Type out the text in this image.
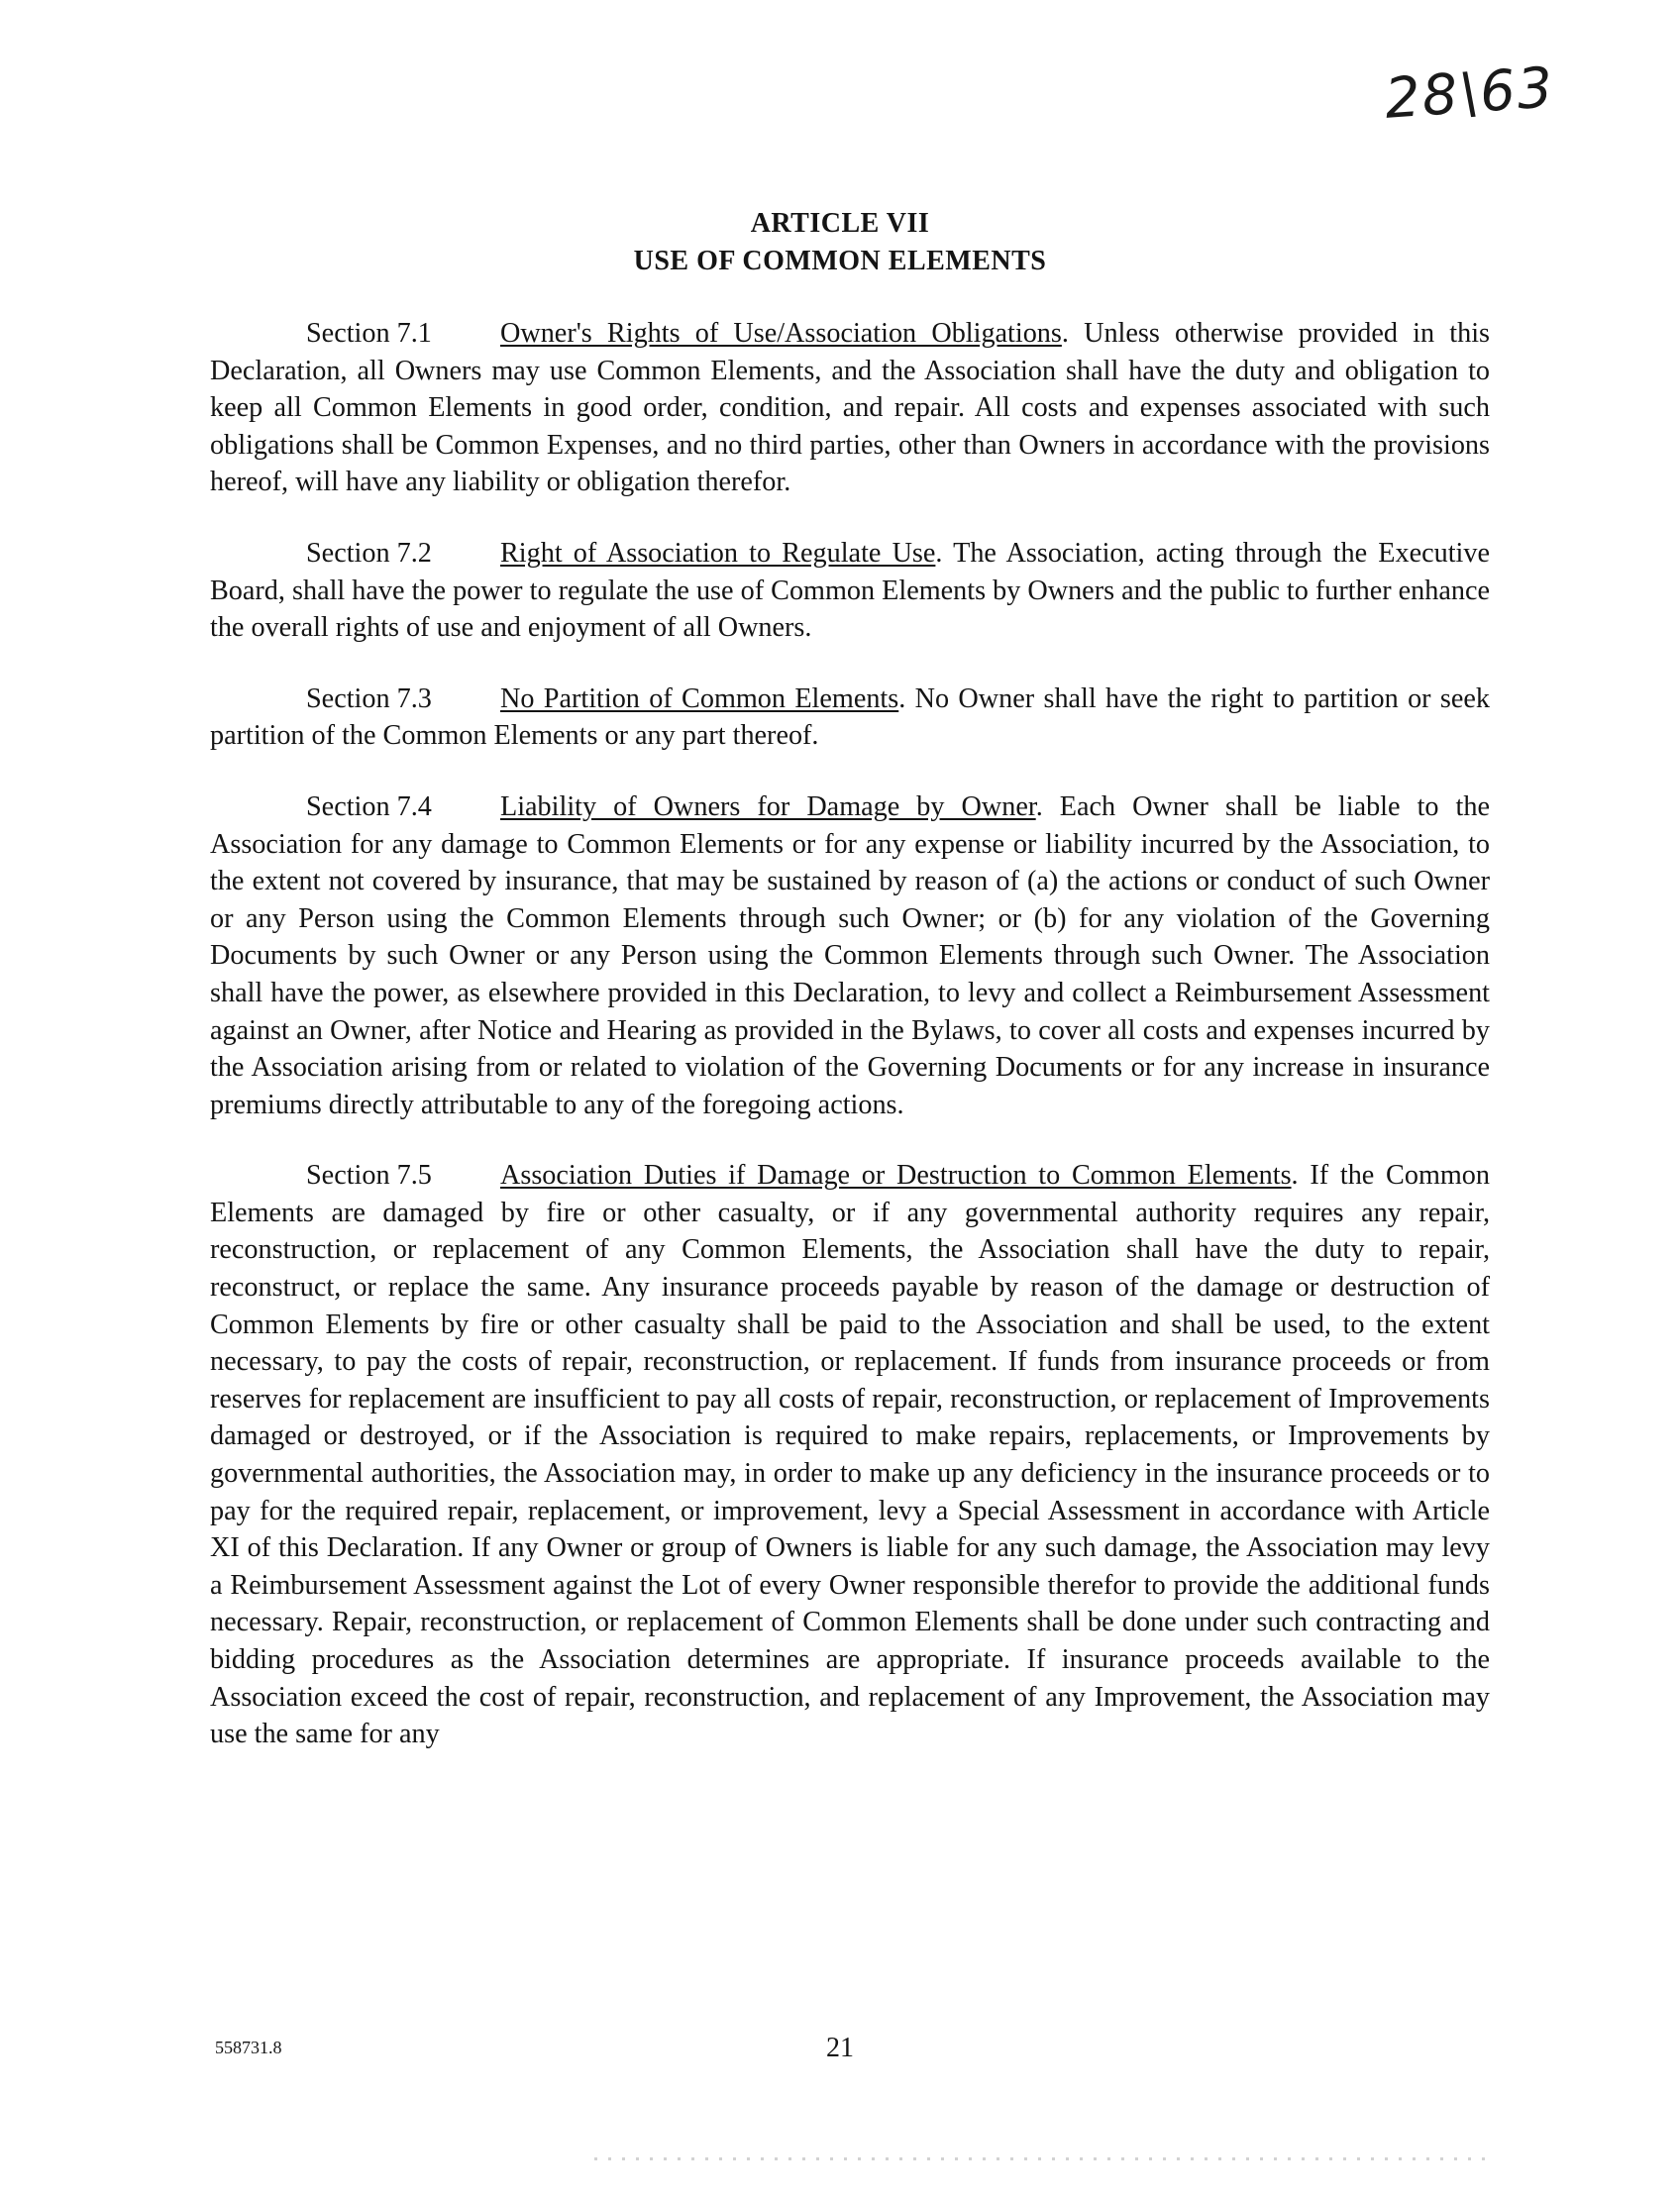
28\63
ARTICLE VII
USE OF COMMON ELEMENTS

Section 7.1 Owner's Rights of Use/Association Obligations. Unless otherwise provided in this Declaration, all Owners may use Common Elements, and the Association shall have the duty and obligation to keep all Common Elements in good order, condition, and repair. All costs and expenses associated with such obligations shall be Common Expenses, and no third parties, other than Owners in accordance with the provisions hereof, will have any liability or obligation therefor.

Section 7.2 Right of Association to Regulate Use. The Association, acting through the Executive Board, shall have the power to regulate the use of Common Elements by Owners and the public to further enhance the overall rights of use and enjoyment of all Owners.

Section 7.3 No Partition of Common Elements. No Owner shall have the right to partition or seek partition of the Common Elements or any part thereof.

Section 7.4 Liability of Owners for Damage by Owner. Each Owner shall be liable to the Association for any damage to Common Elements or for any expense or liability incurred by the Association, to the extent not covered by insurance, that may be sustained by reason of (a) the actions or conduct of such Owner or any Person using the Common Elements through such Owner; or (b) for any violation of the Governing Documents by such Owner or any Person using the Common Elements through such Owner. The Association shall have the power, as elsewhere provided in this Declaration, to levy and collect a Reimbursement Assessment against an Owner, after Notice and Hearing as provided in the Bylaws, to cover all costs and expenses incurred by the Association arising from or related to violation of the Governing Documents or for any increase in insurance premiums directly attributable to any of the foregoing actions.

Section 7.5 Association Duties if Damage or Destruction to Common Elements. If the Common Elements are damaged by fire or other casualty, or if any governmental authority requires any repair, reconstruction, or replacement of any Common Elements, the Association shall have the duty to repair, reconstruct, or replace the same. Any insurance proceeds payable by reason of the damage or destruction of Common Elements by fire or other casualty shall be paid to the Association and shall be used, to the extent necessary, to pay the costs of repair, reconstruction, or replacement. If funds from insurance proceeds or from reserves for replacement are insufficient to pay all costs of repair, reconstruction, or replacement of Improvements damaged or destroyed, or if the Association is required to make repairs, replacements, or Improvements by governmental authorities, the Association may, in order to make up any deficiency in the insurance proceeds or to pay for the required repair, replacement, or improvement, levy a Special Assessment in accordance with Article XI of this Declaration. If any Owner or group of Owners is liable for any such damage, the Association may levy a Reimbursement Assessment against the Lot of every Owner responsible therefor to provide the additional funds necessary. Repair, reconstruction, or replacement of Common Elements shall be done under such contracting and bidding procedures as the Association determines are appropriate. If insurance proceeds available to the Association exceed the cost of repair, reconstruction, and replacement of any Improvement, the Association may use the same for any

558731.8	21
